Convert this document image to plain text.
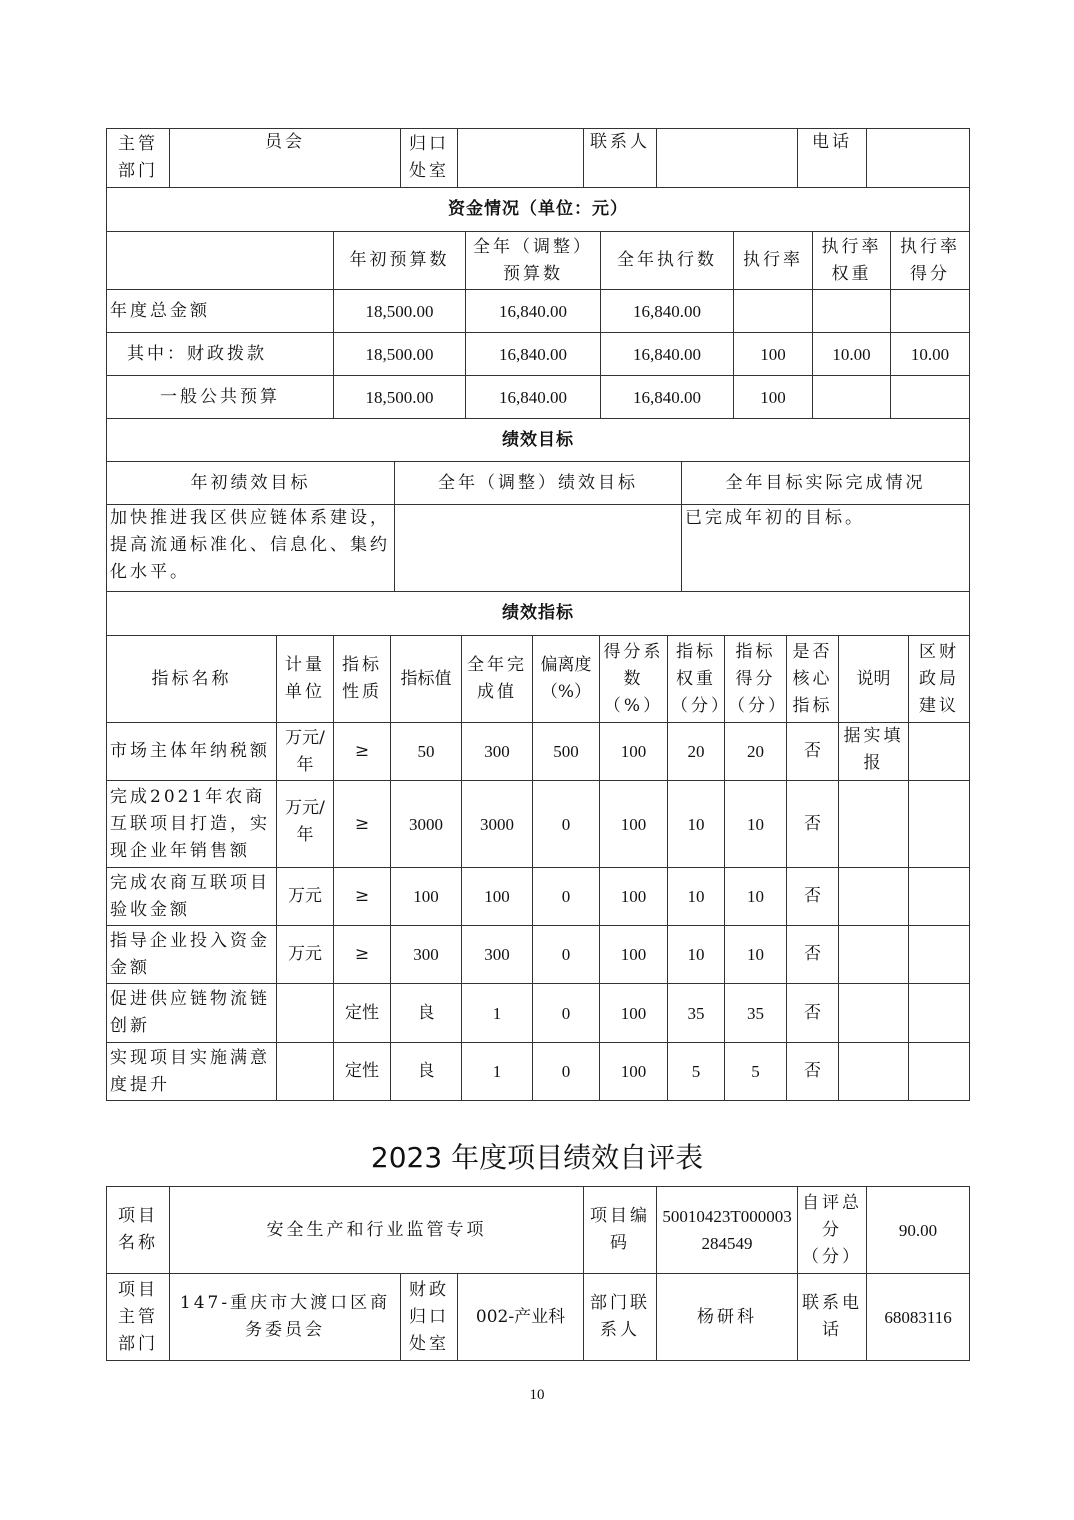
主管部门	员会	归口处室		联系人		电话	
资金情况（单位：元）						
	年初预算数	全年（调整）预算数	全年执行数	执行率	执行率权重	执行率得分
年度总金额	18,500.00	16,840.00	16,840.00			
其中：财政拨款	18,500.00	16,840.00	16,840.00	100	10.00	10.00
一般公共预算	18,500.00	16,840.00	16,840.00	100		
绩效目标		
年初绩效目标	全年（调整）绩效目标	全年目标实际完成情况
加快推进我区供应链体系建设，提高流通标准化、信息化、集约化水平。		已完成年初的目标。
绩效指标											
指标名称	计量单位	指标性质	指标值	全年完成值	偏离度（%）	得分系数（%）	指标权重（分）	指标得分（分）	是否核心指标	说明	区财政局建议
市场主体年纳税额	万元/年	≥	50	300	500	100	20	20	否	据实填报	
完成2021年农商互联项目打造，实现企业年销售额	万元/年	≥	3000	3000	0	100	10	10	否		
完成农商互联项目验收金额	万元	≥	100	100	0	100	10	10	否		
指导企业投入资金金额	万元	≥	300	300	0	100	10	10	否		
促进供应链物流链创新		定性	良	1	0	100	35	35	否		
实现项目实施满意度提升		定性	良	1	0	100	5	5	否		
2023 年度项目绩效自评表
项目名称	安全生产和行业监管专项			项目编码	50010423T000003284549	自评总分（分）	90.00
项目主管部门	147-重庆市大渡口区商务委员会	财政归口处室	002-产业科	部门联系人	杨研科	联系电话	68083116
10
